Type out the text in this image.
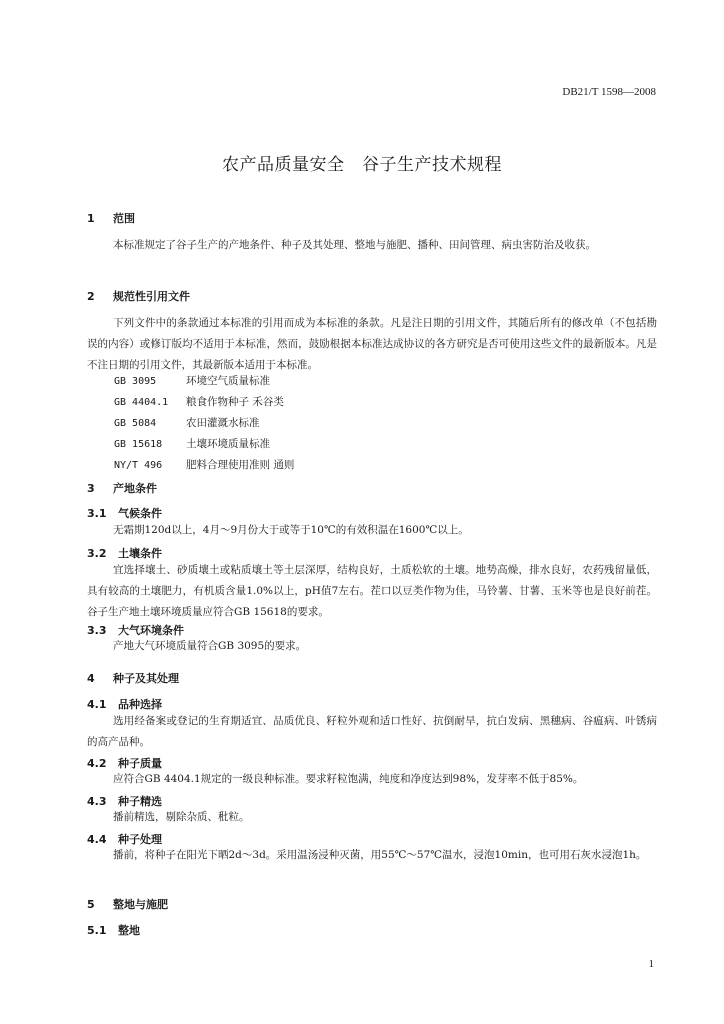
DB21/T 1598—2008
农产品质量安全　谷子生产技术规程
1 范围
本标准规定了谷子生产的产地条件、种子及其处理、整地与施肥、播种、田间管理、病虫害防治及收获。
2 规范性引用文件
下列文件中的条款通过本标准的引用而成为本标准的条款。凡是注日期的引用文件，其随后所有的修改单（不包括勘误的内容）或修订版均不适用于本标准，然而，鼓励根据本标准达成协议的各方研究是否可使用这些文件的最新版本。凡是不注日期的引用文件，其最新版本适用于本标准。
GB 3095	环境空气质量标准
GB 4404.1 粮食作物种子 禾谷类
GB 5084	农田灌溉水标准
GB 15618 土壤环境质量标准
NY/T 496 肥料合理使用准则 通则
3 产地条件
3.1 气候条件
无霜期120d以上，4月～9月份大于或等于10℃的有效积温在1600℃以上。
3.2 土壤条件
宜选择壤土、砂质壤土或粘质壤土等土层深厚，结构良好，土质松软的土壤。地势高燥，排水良好，农药残留量低，具有较高的土壤肥力，有机质含量1.0%以上，pH值7左右。茬口以豆类作物为佳，马铃薯、甘薯、玉米等也是良好前茬。谷子生产地土壤环境质量应符合GB 15618的要求。
3.3 大气环境条件
产地大气环境质量符合GB 3095的要求。
4 种子及其处理
4.1 品种选择
选用经备案或登记的生育期适宜、品质优良、籽粒外观和适口性好、抗倒耐旱，抗白发病、黑穗病、谷瘟病、叶锈病的高产品种。
4.2 种子质量
应符合GB 4404.1规定的一级良种标准。要求籽粒饱满，纯度和净度达到98%，发芽率不低于85%。
4.3 种子精选
播前精选，剔除杂质、秕粒。
4.4 种子处理
播前，将种子在阳光下晒2d～3d。采用温汤浸种灭菌，用55℃～57℃温水，浸泡10min，也可用石灰水浸泡1h。
5 整地与施肥
5.1 整地
1
